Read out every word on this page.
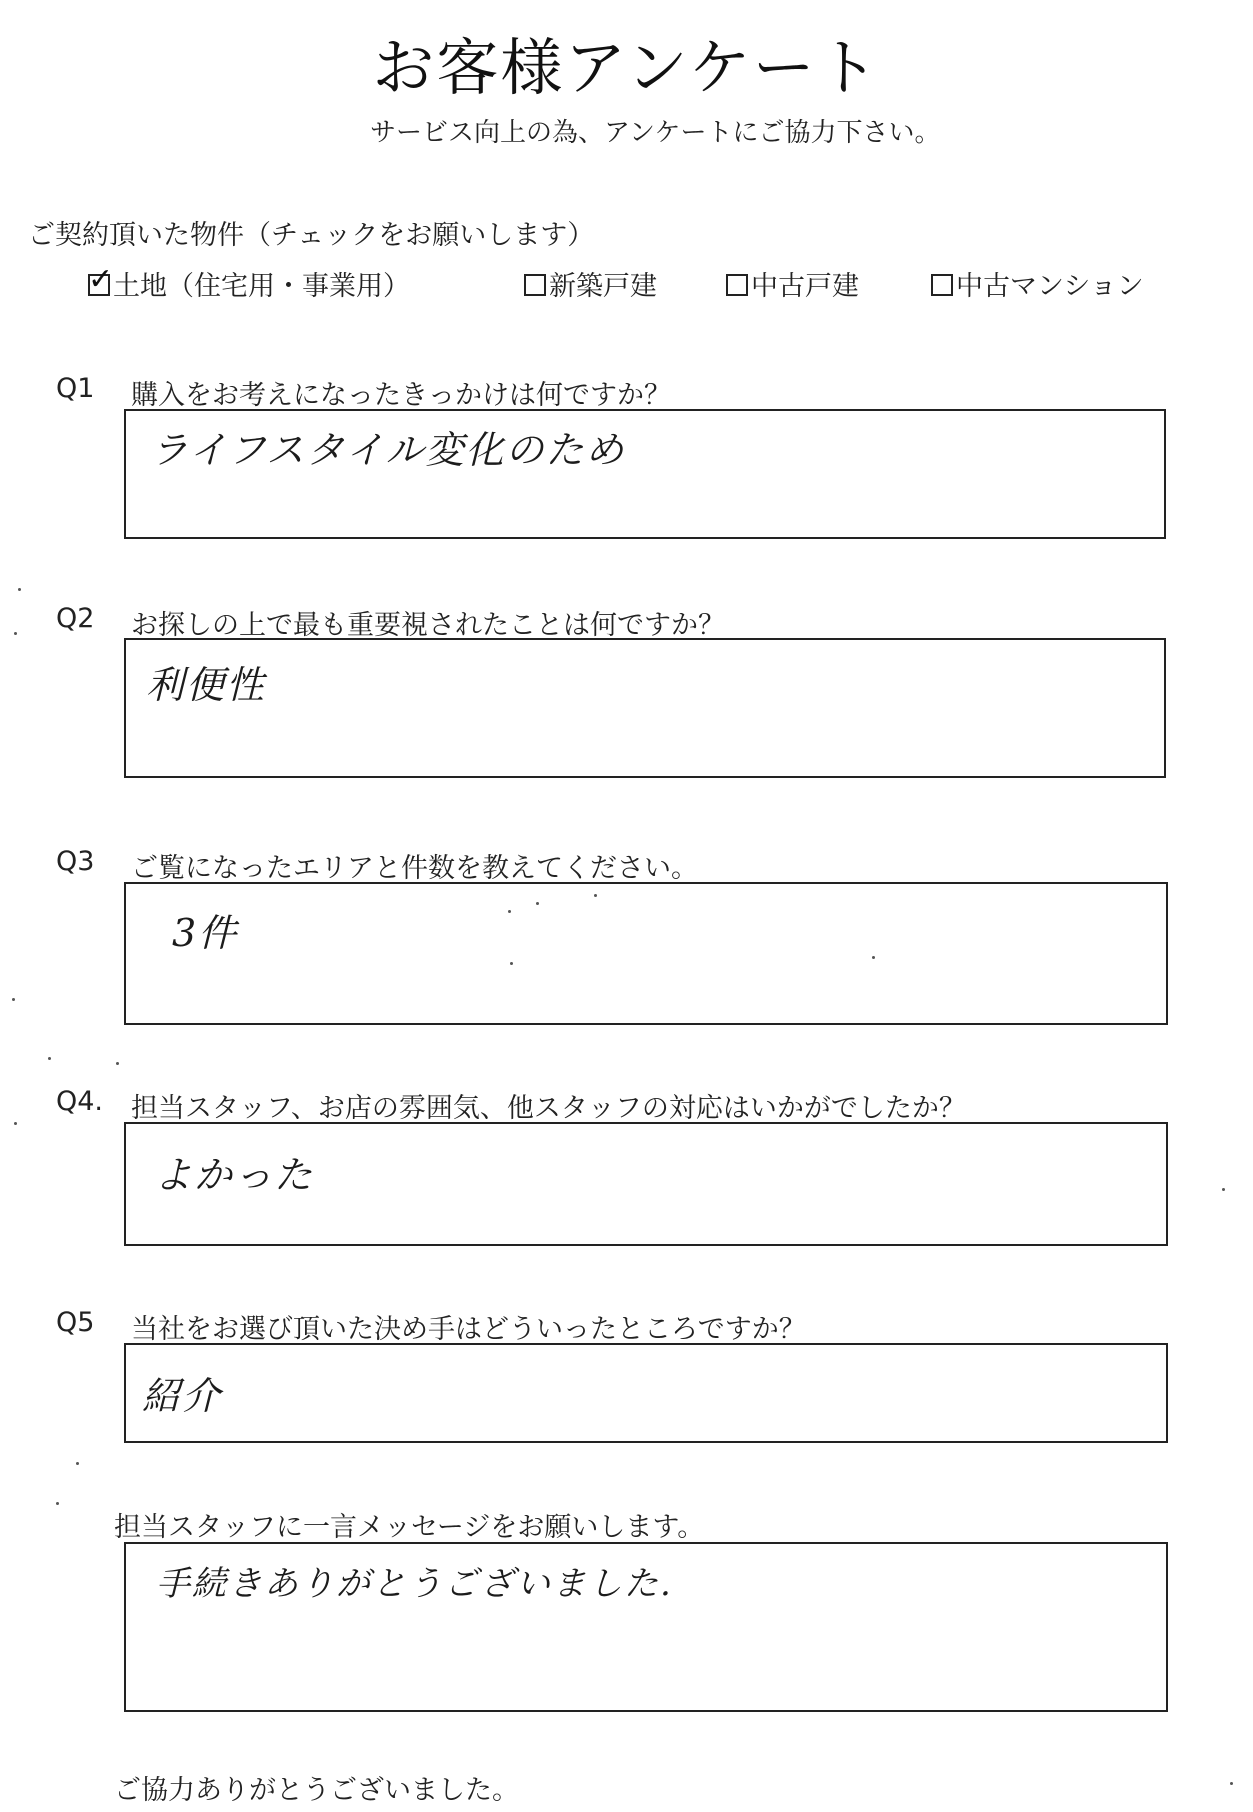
お客様アンケート
サービス向上の為、アンケートにご協力下さい。
ご契約頂いた物件（チェックをお願いします）
✓ 土地（住宅用・事業用）	新築戸建	中古戸建	中古マンション
Q1 購入をお考えになったきっかけは何ですか？
ライフスタイル変化のため
Q2 お探しの上で最も重要視されたことは何ですか？
利便性
Q3 ご覧になったエリアと件数を教えてください。
3件
Q4. 担当スタッフ、お店の雰囲気、他スタッフの対応はいかがでしたか？
よかった
Q5 当社をお選び頂いた決め手はどういったところですか？
紹介
担当スタッフに一言メッセージをお願いします。
手続きありがとうございました.
ご協力ありがとうございました。
